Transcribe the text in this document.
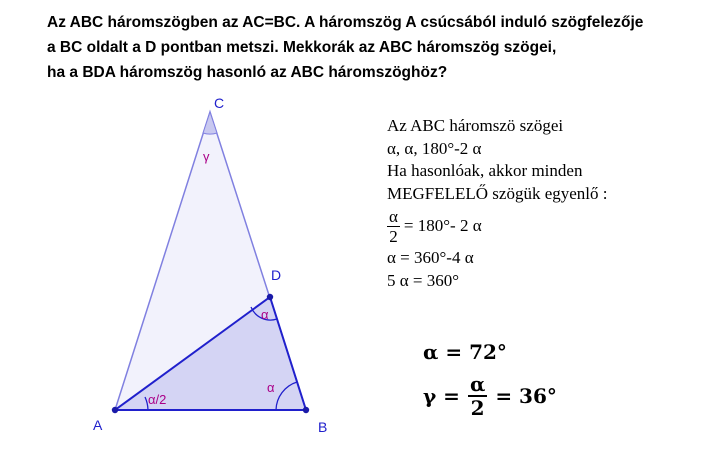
Az ABC háromszögben az AC=BC. A háromszög A csúcsából induló szögfelezője
a BC oldalt a D pontban metszi. Mekkorák az ABC háromszög szögei,
ha a BDA háromszög hasonló az ABC háromszöghöz?
C
D
A	B
γ
α/2
α
α
Az ABC háromszö szögei
α, α, 180°-2 α
Ha hasonlóak, akkor minden
MEGFELELŐ szögük egyenlő :
$\frac{\alpha}{2} = 180^\circ-$ 2 α
α = 360°-4 α
5 α = 360°
α = 72°
$\gamma = \frac{\alpha}{2} = 36^\circ$
